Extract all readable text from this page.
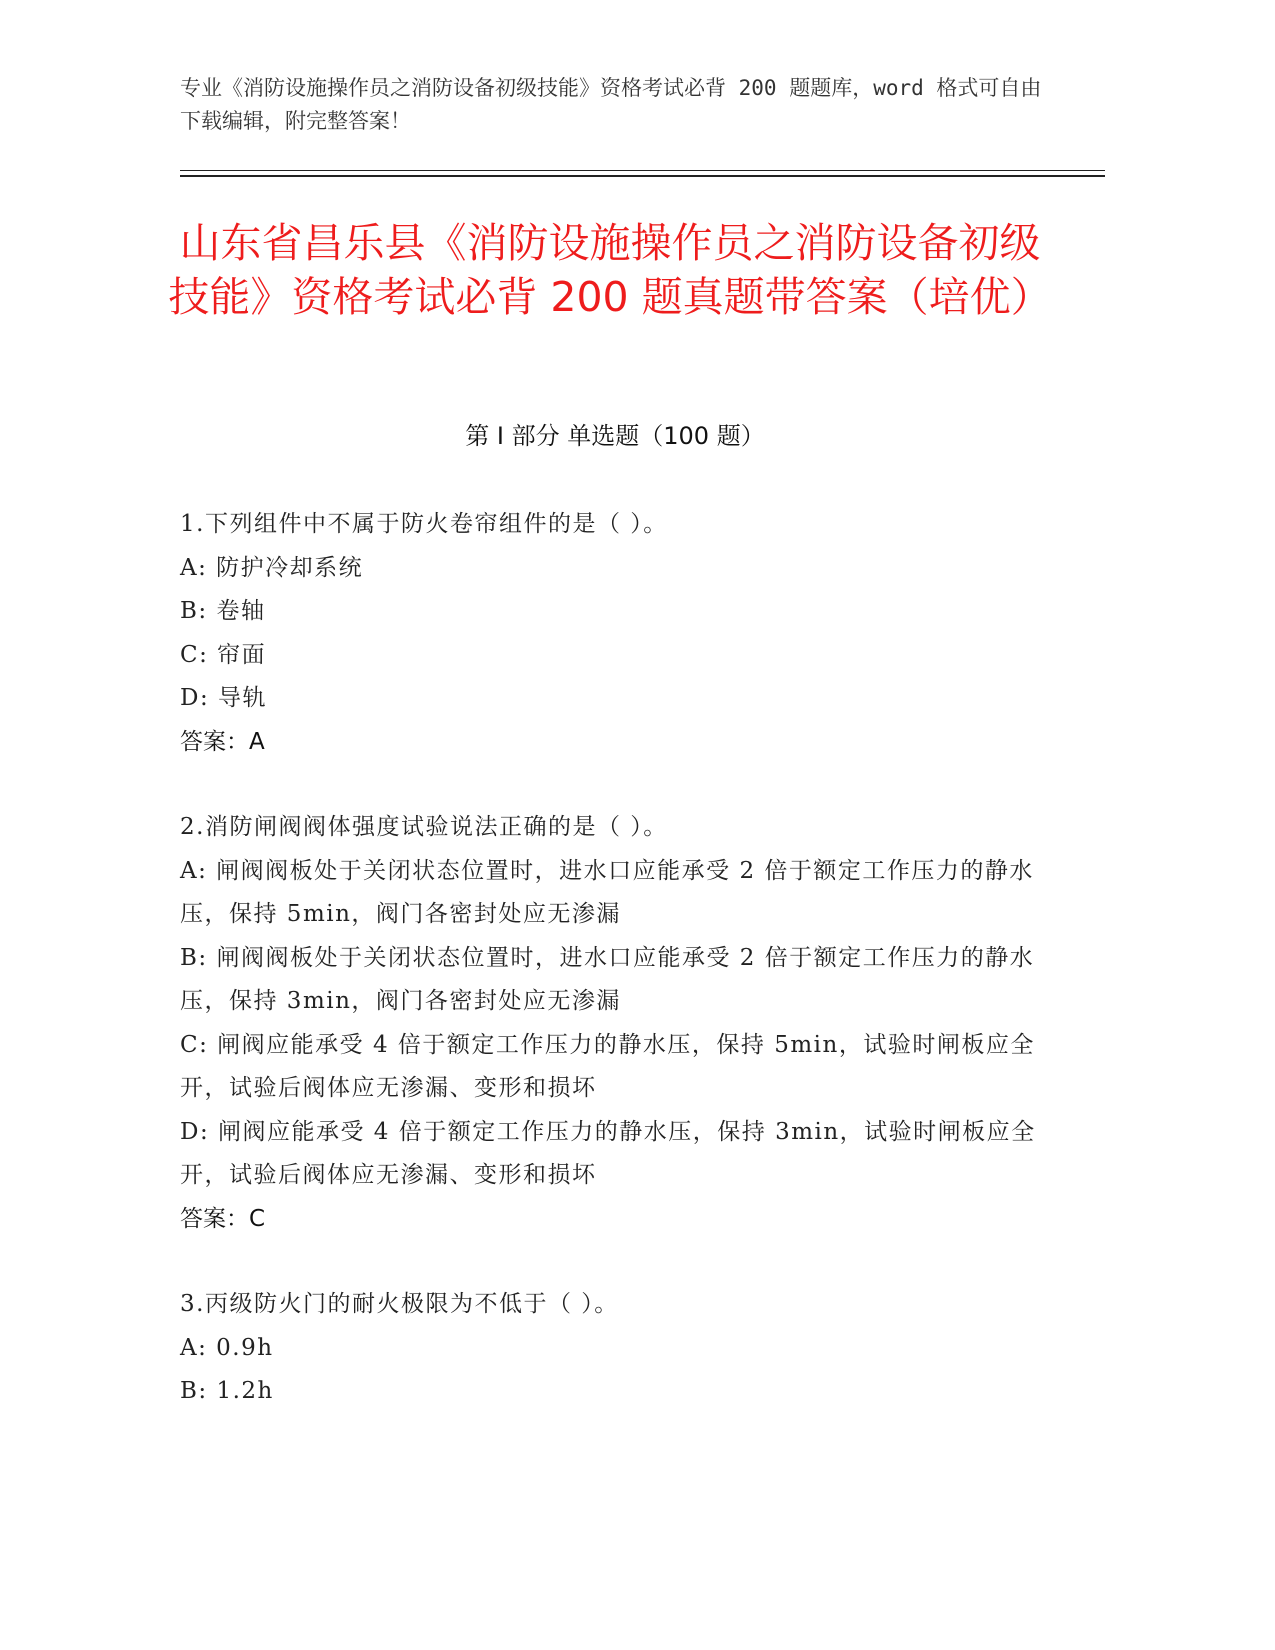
专业《消防设施操作员之消防设备初级技能》资格考试必背 200 题题库，word 格式可自由下载编辑，附完整答案！
山东省昌乐县《消防设施操作员之消防设备初级技能》资格考试必背 200 题真题带答案（培优）
第 I 部分 单选题（100 题）
1.下列组件中不属于防火卷帘组件的是（ ）。
A: 防护冷却系统
B: 卷轴
C: 帘面
D: 导轨
答案：A
2.消防闸阀阀体强度试验说法正确的是（ ）。
A: 闸阀阀板处于关闭状态位置时，进水口应能承受 2 倍于额定工作压力的静水压，保持 5min，阀门各密封处应无渗漏
B: 闸阀阀板处于关闭状态位置时，进水口应能承受 2 倍于额定工作压力的静水压，保持 3min，阀门各密封处应无渗漏
C: 闸阀应能承受 4 倍于额定工作压力的静水压，保持 5min，试验时闸板应全开，试验后阀体应无渗漏、变形和损坏
D: 闸阀应能承受 4 倍于额定工作压力的静水压，保持 3min，试验时闸板应全开，试验后阀体应无渗漏、变形和损坏
答案：C
3.丙级防火门的耐火极限为不低于（ ）。
A: 0.9h
B: 1.2h
